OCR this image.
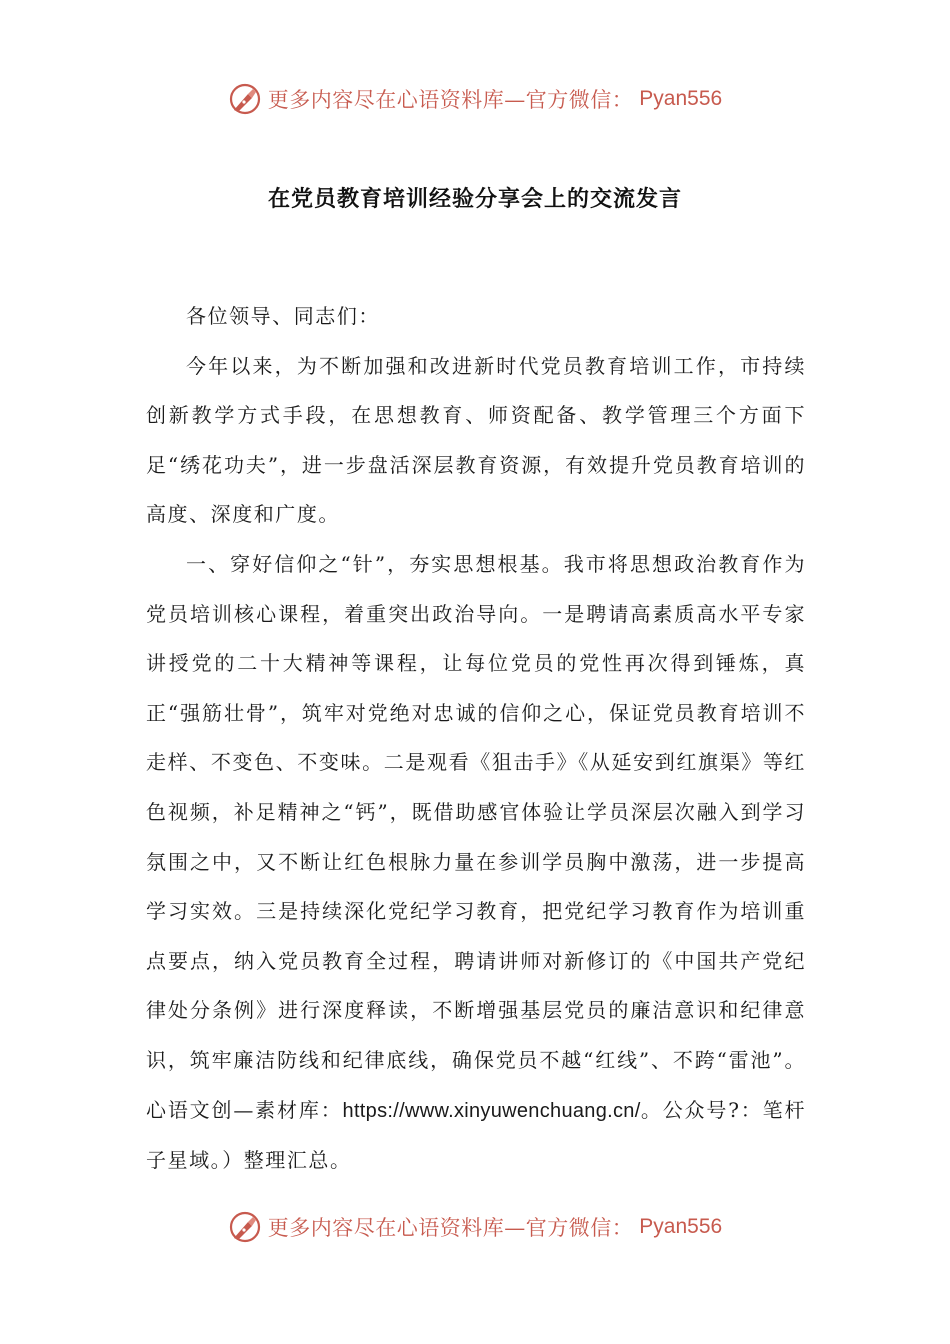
更多内容尽在心语资料库—官方微信： Pyan556
在党员教育培训经验分享会上的交流发言

各位领导、同志们：

今年以来，为不断加强和改进新时代党员教育培训工作，市持续创新教学方式手段，在思想教育、师资配备、教学管理三个方面下足“绣花功夫”，进一步盘活深层教育资源，有效提升党员教育培训的高度、深度和广度。

一、穿好信仰之“针”，夯实思想根基。我市将思想政治教育作为党员培训核心课程，着重突出政治导向。一是聘请高素质高水平专家讲授党的二十大精神等课程，让每位党员的党性再次得到锤炼，真正“强筋壮骨”，筑牢对党绝对忠诚的信仰之心，保证党员教育培训不走样、不变色、不变味。二是观看《狙击手》《从延安到红旗渠》等红色视频，补足精神之“钙”，既借助感官体验让学员深层次融入到学习氛围之中，又不断让红色根脉力量在参训学员胸中激荡，进一步提高学习实效。三是持续深化党纪学习教育，把党纪学习教育作为培训重点要点，纳入党员教育全过程，聘请讲师对新修订的《中国共产党纪律处分条例》进行深度释读，不断增强基层党员的廉洁意识和纪律意识，筑牢廉洁防线和纪律底线，确保党员不越“红线”、不跨“雷池”。心语文创—素材库：https://www.xinyuwenchuang.cn/。公众号?：笔杆子星域。）整理汇总。

更多内容尽在心语资料库—官方微信： Pyan556
